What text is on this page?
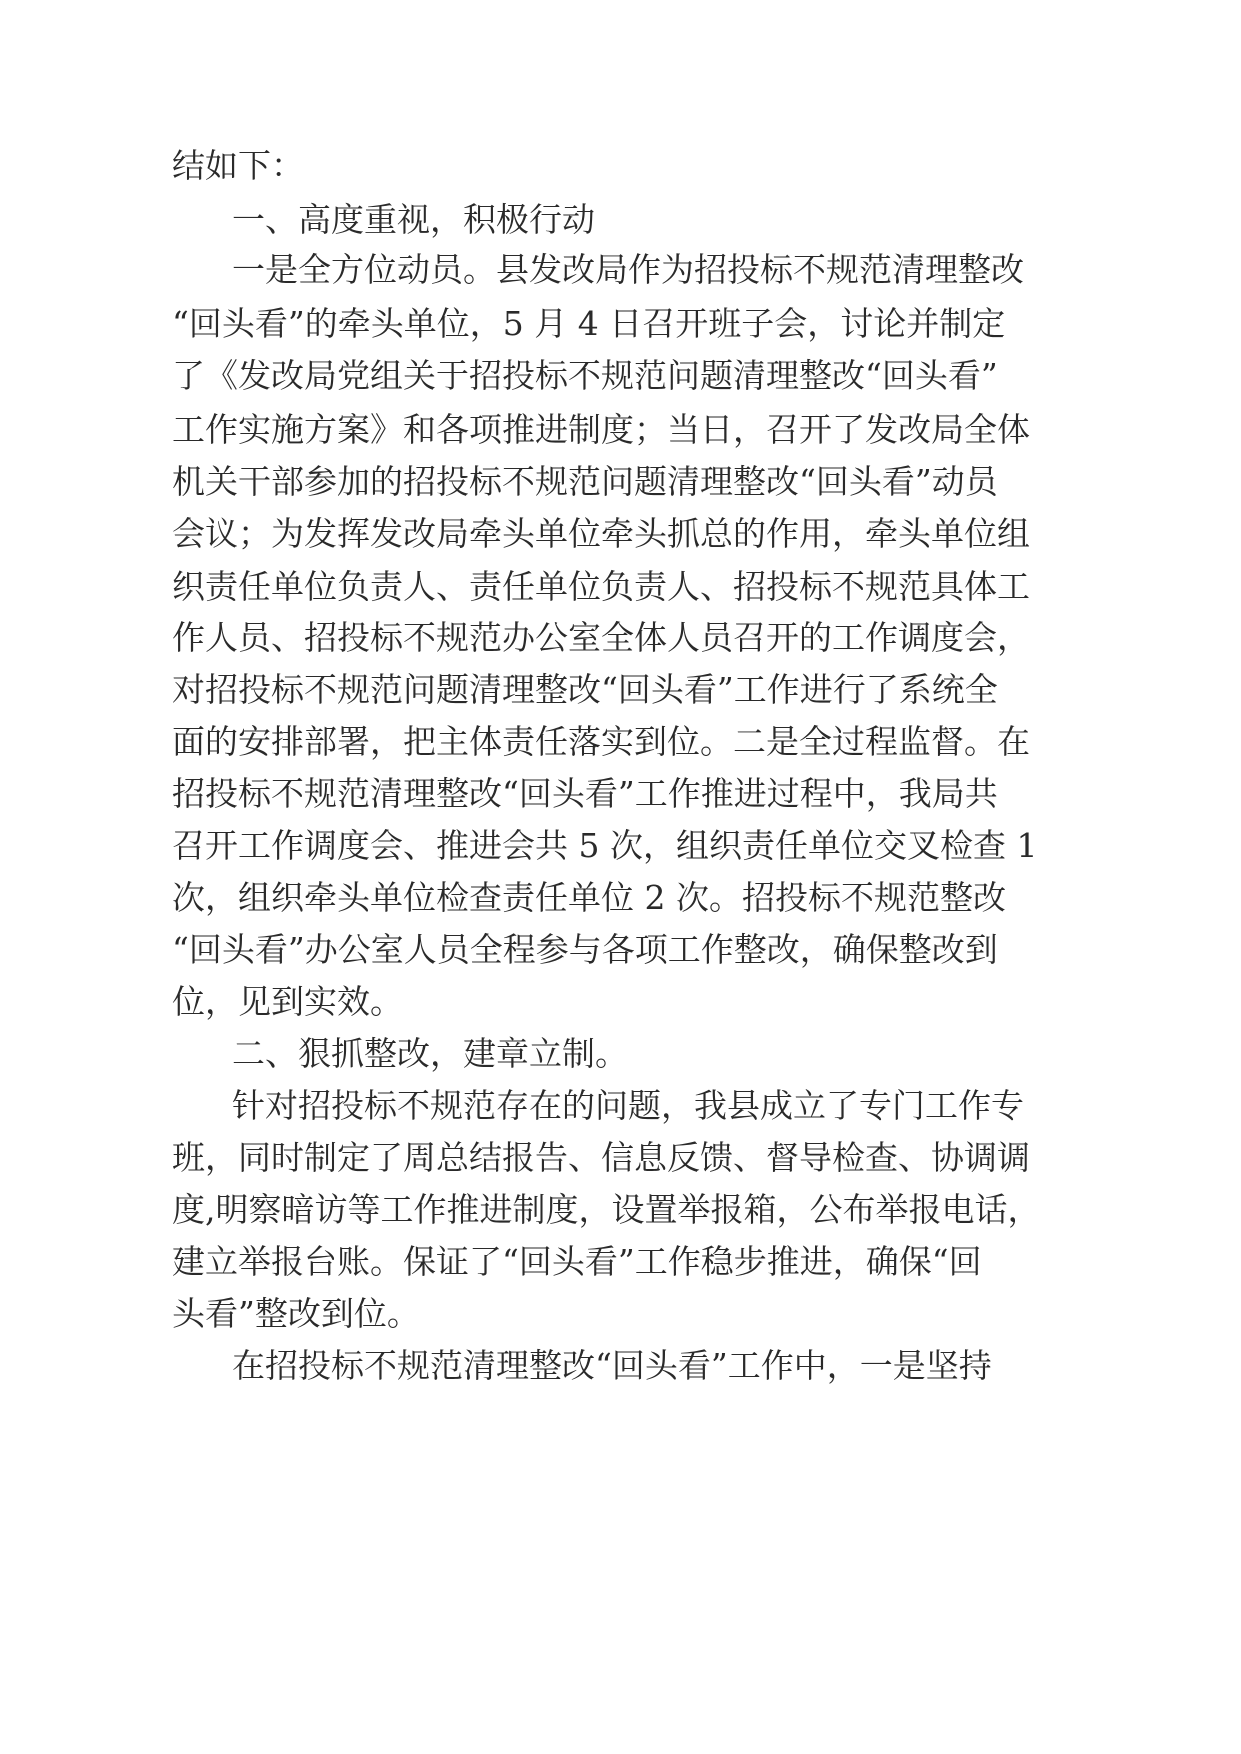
结如下：
一、高度重视，积极行动
一是全方位动员。县发改局作为招投标不规范清理整改
“回头看”的牵头单位，5 月 4 日召开班子会，讨论并制定
了《发改局党组关于招投标不规范问题清理整改“回头看”
工作实施方案》和各项推进制度；当日，召开了发改局全体
机关干部参加的招投标不规范问题清理整改“回头看”动员
会议；为发挥发改局牵头单位牵头抓总的作用，牵头单位组
织责任单位负责人、责任单位负责人、招投标不规范具体工
作人员、招投标不规范办公室全体人员召开的工作调度会，
对招投标不规范问题清理整改“回头看”工作进行了系统全
面的安排部署，把主体责任落实到位。二是全过程监督。在
招投标不规范清理整改“回头看”工作推进过程中，我局共
召开工作调度会、推进会共 5 次，组织责任单位交叉检查 1
次，组织牵头单位检查责任单位 2 次。招投标不规范整改
“回头看”办公室人员全程参与各项工作整改，确保整改到
位，见到实效。
二、狠抓整改，建章立制。
针对招投标不规范存在的问题，我县成立了专门工作专
班，同时制定了周总结报告、信息反馈、督导检查、协调调
度,明察暗访等工作推进制度，设置举报箱，公布举报电话，
建立举报台账。保证了“回头看”工作稳步推进，确保“回
头看”整改到位。
在招投标不规范清理整改“回头看”工作中，一是坚持
